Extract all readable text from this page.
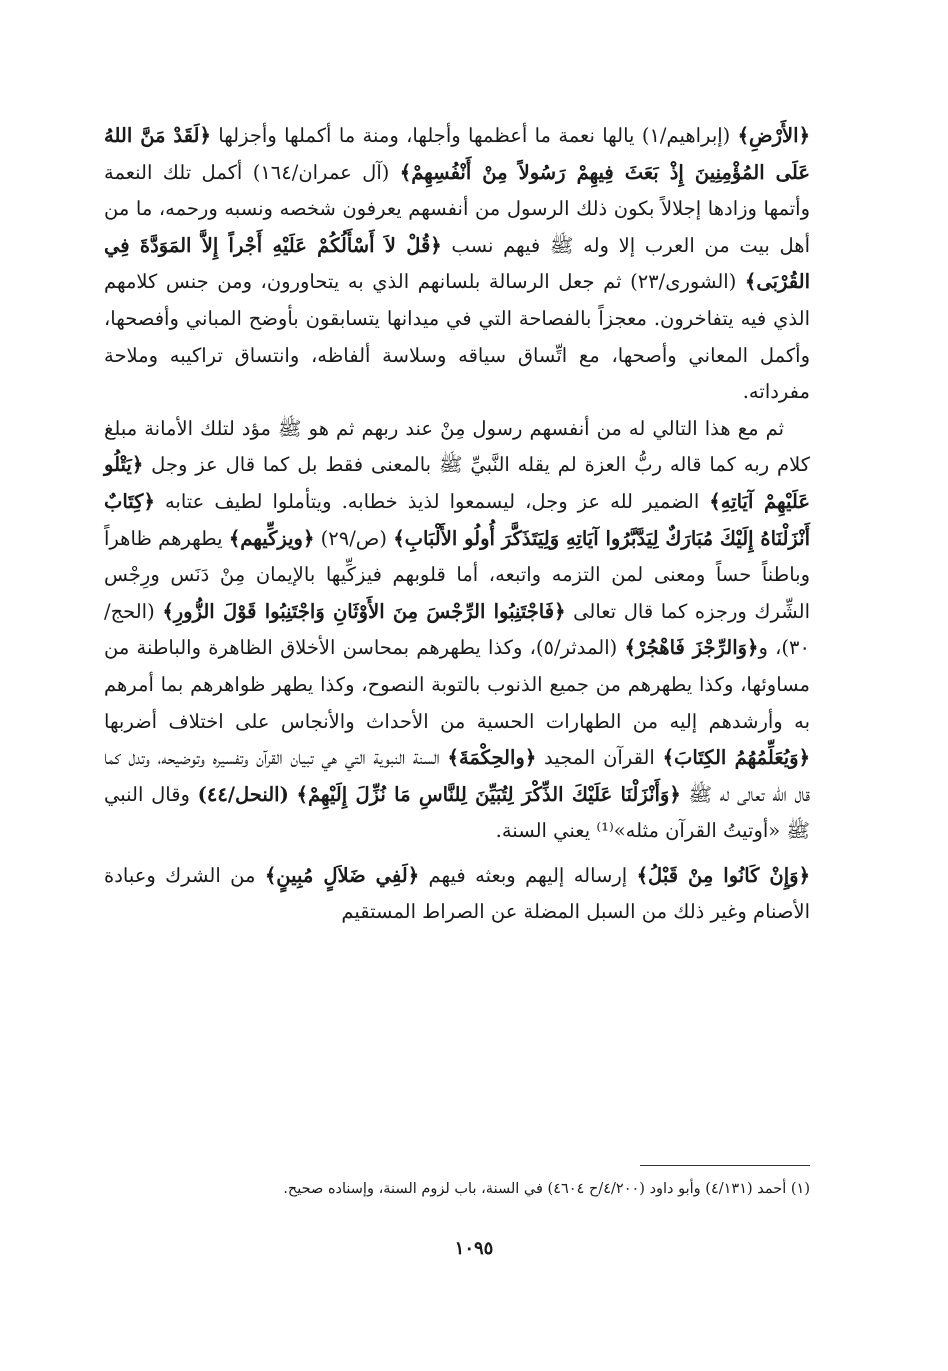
﴿الأَرْضِ﴾ (إبراهيم/١) يالها نعمة ما أعظمها وأجلها، ومنة ما أكملها وأجزلها ﴿لَقَدْ مَنَّ اللهُ عَلَى المُؤْمِنِينَ إِذْ بَعَثَ فِيهِمْ رَسُولاً مِنْ أَنْفُسِهِمْ﴾ (آل عمران/١٦٤) أكمل تلك النعمة وأتمها وزادها إجلالاً بكون ذلك الرسول من أنفسهم يعرفون شخصه ونسبه ورحمه، ما من أهل بيت من العرب إلا وله ﷺ فيهم نسب ﴿قُلْ لاَ أَسْأَلُكُمْ عَلَيْهِ أَجْراً إِلاَّ المَوَدَّةَ فِي القُرْبَى﴾ (الشورى/٢٣) ثم جعل الرسالة بلسانهم الذي به يتحاورون، ومن جنس كلامهم الذي فيه يتفاخرون. معجزاً بالفصاحة التي في ميدانها يتسابقون بأوضح المباني وأفصحها، وأكمل المعاني وأصحها، مع اتِّساق سياقه وسلاسة ألفاظه، وانتساق تراكيبه وملاحة مفرداته.

ثم مع هذا التالي له من أنفسهم رسول مِنْ عند ربهم ثم هو ﷺ مؤد لتلك الأمانة مبلغ كلام ربه كما قاله ربُّ العزة لم يقله النَّبيِّ ﷺ بالمعنى فقط بل كما قال عز وجل ﴿يَتْلُو عَلَيْهِمْ آيَاتِهِ﴾ الضمير لله عز وجل، ليسمعوا لذيذ خطابه. ويتأملوا لطيف عتابه ﴿كِتَابٌ أَنْزَلْنَاهُ إِلَيْكَ مُبَارَكٌ لِيَدَّبَّرُوا آيَاتِهِ وَلِيَتَذَكَّرَ أُولُو الأَلْبَابِ﴾ (ص/٢٩) ﴿ويزكِّيهم﴾ يطهرهم ظاهراً وباطناً حساً ومعنى لمن التزمه واتبعه، أما قلوبهم فيزكِّيها بالإيمان مِنْ دَنَس ورِجْس الشِّرك ورجزه كما قال تعالى ﴿فَاجْتَنِبُوا الرِّجْسَ مِنَ الأَوْثَانِ وَاجْتَنِبُوا قَوْلَ الزُّورِ﴾ (الحج/٣٠)، و﴿وَالرِّجْزَ فَاهْجُرْ﴾ (المدثر/٥)، وكذا يطهرهم بمحاسن الأخلاق الظاهرة والباطنة من مساوئها، وكذا يطهرهم من جميع الذنوب بالتوبة النصوح، وكذا يطهر ظواهرهم بما أمرهم به وأرشدهم إليه من الطهارات الحسية من الأحداث والأنجاس على اختلاف أضربها ﴿وَيُعَلِّمُهُمُ الكِتَابَ﴾ القرآن المجيد ﴿والحِكْمَةَ﴾ السنة النبوية التي هي تبيان القرآن وتفسيره وتوضيحه، وتدل كما قال الله تعالى له ﷺ ﴿وَأَنْزَلْنَا عَلَيْكَ الذِّكْرَ لِتُبَيِّنَ لِلنَّاسِ مَا نُزِّلَ إِلَيْهِمْ﴾ (النحل/٤٤) وقال النبي ﷺ «أوتيتُ القرآن مثله»⁽¹⁾ يعني السنة.

﴿وَإِنْ كَانُوا مِنْ قَبْلُ﴾ إرساله إليهم وبعثه فيهم ﴿لَفِي ضَلاَلٍ مُبِينٍ﴾ من الشرك وعبادة الأصنام وغير ذلك من السبل المضلة عن الصراط المستقيم

(١) أحمد (٤/١٣١) وأبو داود (٤/٢٠٠/ح ٤٦٠٤) في السنة، باب لزوم السنة، وإسناده صحيح.
١٠٩٥
